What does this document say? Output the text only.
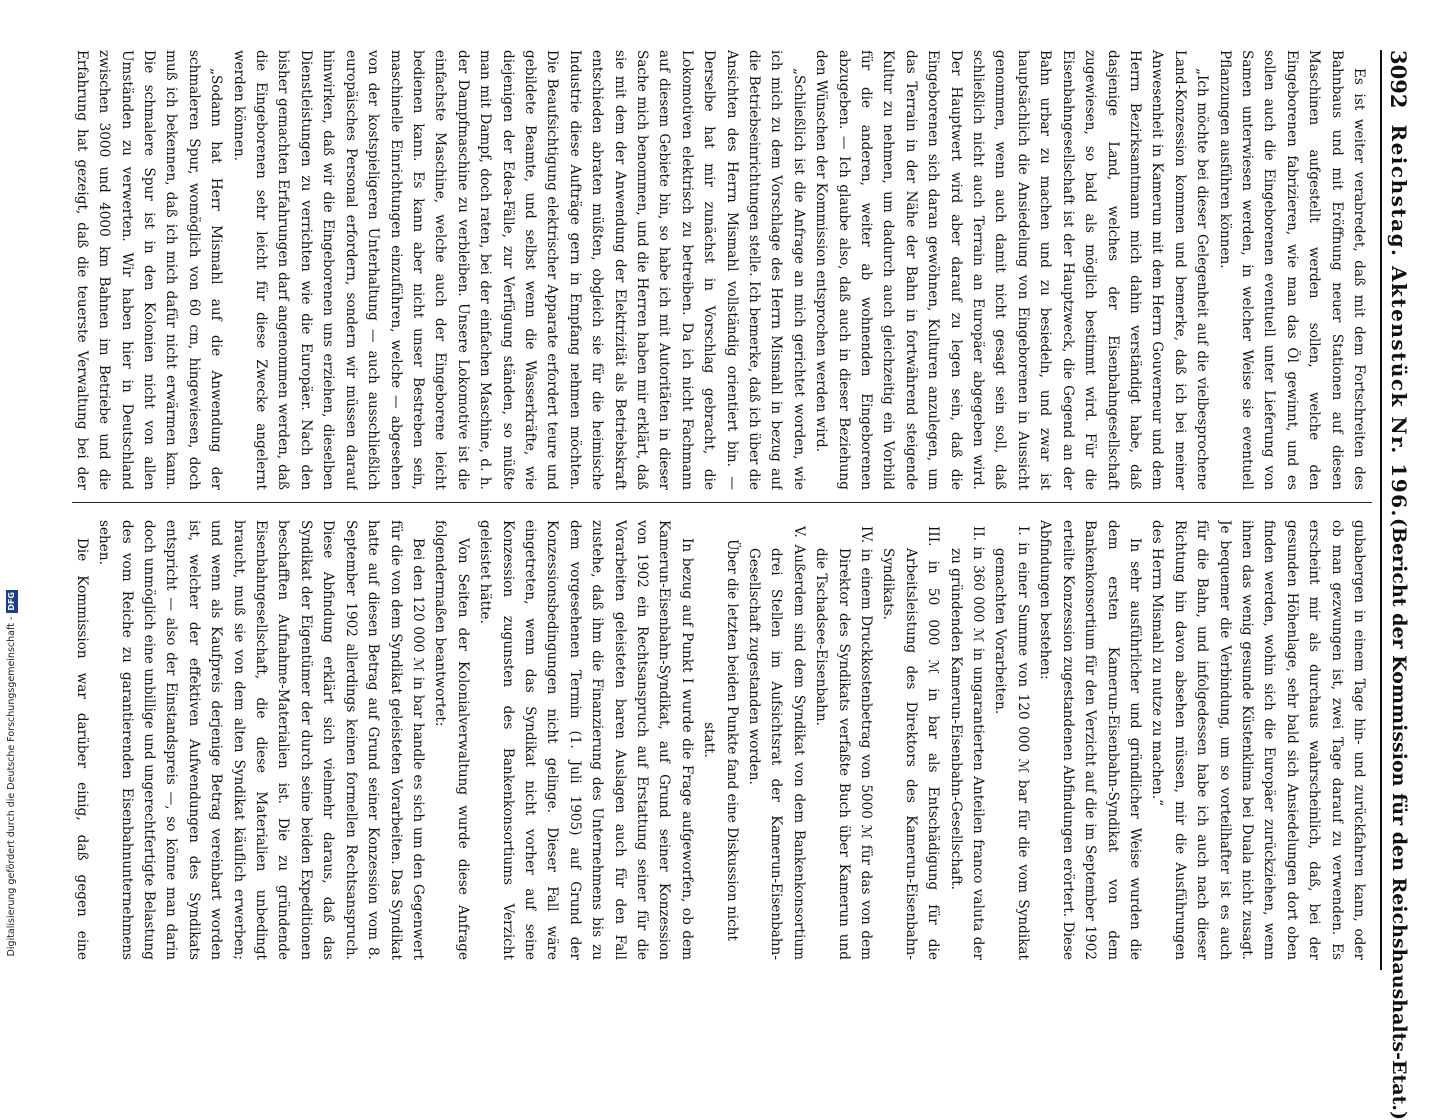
3092
Reichstag. Aktenstück Nr. 196.
(Bericht der Kommission für den Reichshaushalts-Etat.)

Es ist weiter verabredet, daß mit dem Fortschreiten des Bahnbaus und mit Eröffnung neuer Stationen auf diesen Maschinen aufgestellt werden sollen, welche den Eingeborenen fabrizieren, wie man das Öl gewinnt, und es sollen auch die Eingeborenen eventuell unter Lieferung von Samen unterwiesen werden, in welcher Weise sie eventuell Pflanzungen ausführen können.

„Ich möchte bei dieser Gelegenheit auf die vielbesprochene Land-Konzession kommen und bemerke, daß ich bei meiner Anwesenheit in Kamerun mit dem Herrn Gouverneur und dem Herrn Bezirksamtmann mich dahin verständigt habe, daß dasjenige Land, welches der Eisenbahngesellschaft zugewiesen, so bald als möglich bestimmt wird. Für die Eisenbahngesellschaft ist der Hauptzweck, die Gegend an der Bahn urbar zu machen und zu besiedeln, und zwar ist hauptsächlich die Ansiedelung von Eingeborenen in Aussicht genommen, wenn auch damit nicht gesagt sein soll, daß schließlich nicht auch Terrain an Europäer abgegeben wird. Der Hauptwert wird aber darauf zu legen sein, daß die Eingeborenen sich daran gewöhnen, Kulturen anzulegen, um das Terrain in der Nähe der Bahn in fortwährend steigende Kultur zu nehmen, um dadurch auch gleichzeitig ein Vorbild für die anderen, weiter ab wohnenden Eingeborenen abzugeben. — Ich glaube also, daß auch in dieser Beziehung den Wünschen der Kommission entsprochen werden wird.

„Schließlich ist die Anfrage an mich gerichtet worden, wie ich mich zu dem Vorschlage des Herrn Mismahl in bezug auf die Betriebseinrichtungen stelle. Ich bemerke, daß ich über die Ansichten des Herrn Mismahl vollständig orientiert bin. — Derselbe hat mir zunächst in Vorschlag gebracht, die Lokomotiven elektrisch zu betreiben. Da ich nicht Fachmann auf diesem Gebiete bin, so habe ich mit Autoritäten in dieser Sache mich benommen, und die Herren haben mir erklärt, daß sie mit dem der Anwendung der Elektrizität als Betriebskraft entschieden abraten müßten, obgleich sie für die heimische Industrie diese Aufträge gern in Empfang nehmen möchten. Die Beaufsichtigung elektrischer Apparate erfordert teure und gebildete Beamte, und selbst wenn die Wasserkräfte, wie diejenigen der Edea-Fälle, zur Verfügung ständen, so müßte man mit Dampf, doch raten, bei der einfachen Maschine, d. h. der Dampfmaschine zu verbleiben. Unsere Lokomotive ist die einfachste Maschine, welche auch der Eingeborene leicht bedienen kann. Es kann aber nicht unser Bestreben sein, maschinelle Einrichtungen einzuführen, welche — abgesehen von der kostspieligeren Unterhaltung — auch ausschließlich europäisches Personal erfordern, sondern wir müssen darauf hinwirken, daß wir die Eingeborenen uns erziehen, dieselben Dienstleistungen zu verrichten wie die Europäer. Nach den bisher gemachten Erfahrungen darf angenommen werden, daß die Eingeborenen sehr leicht für diese Zwecke angelernt werden können.

„Sodann hat Herr Mismahl auf die Anwendung der schmaleren Spur, womöglich von 60 cm, hingewiesen, doch muß ich bekennen, daß ich mich dafür nicht erwärmen kann. Die schmalere Spur ist in den Kolonien nicht von allen Umständen zu verwerten. Wir haben hier in Deutschland zwischen 3000 und 4000 km Bahnen im Betriebe und die Erfahrung hat gezeigt, daß die teuerste Verwaltung bei der

gubabergen in einem Tage hin- und zurückfahren kann, oder ob man gezwungen ist, zwei Tage darauf zu verwenden. Es erscheint mir als durchaus wahrscheinlich, daß, bei der gesunden Höhenlage, sehr bald sich Ansiedelungen dort oben finden werden, wohin sich die Europäer zurückziehen, wenn ihnen das wenig gesunde Küstenklima bei Duala nicht zusagt. Je bequemer die Verbindung, um so vorteilhafter ist es auch für die Bahn, und infolgedessen habe ich auch nach dieser Richtung hin davon absehen müssen, mir die Ausführungen des Herrn Mismahl zu nutze zu machen.“

In sehr ausführlicher und gründlicher Weise wurden die dem ersten Kamerun-Eisenbahn-Syndikat von dem Bankenkonsortium für den Verzicht auf die im September 1902 erteilte Konzession zugestandenen Abfindungen erörtert. Diese Abfindungen bestehen:

I. in einer Summe von 120 000 ℳ bar für die vom Syndikat gemachten Vorarbeiten.

II. in 360 000 ℳ in ungarantierten Anteilen franco valuta der zu gründenden Kamerun-Eisenbahn-Gesellschaft.

III. in 50 000 ℳ in bar als Entschädigung für die Arbeitsleistung des Direktors des Kamerun-Eisenbahn-Syndikats.

IV. in einem Druckkostenbetrag von 5000 ℳ für das von dem Direktor des Syndikats verfaßte Buch über Kamerun und die Tschadsee-Eisenbahn.

V. Außerdem sind dem Syndikat von dem Bankenkonsortium drei Stellen im Aufsichtsrat der Kamerun-Eisenbahn-Gesellschaft zugestanden worden.

Über die letzten beiden Punkte fand eine Diskussion nicht statt.

In bezug auf Punkt I wurde die Frage aufgeworfen, ob dem Kamerun-Eisenbahn-Syndikat, auf Grund seiner Konzession von 1902 ein Rechtsanspruch auf Erstattung seiner für die Vorarbeiten geleisteten baren Auslagen auch für den Fall zustehe, daß ihm die Finanzierung des Unternehmens bis zu dem vorgesehenen Termin (1. Juli 1905) auf Grund der Konzessionsbedingungen nicht gelinge. Dieser Fall wäre eingetreten, wenn das Syndikat nicht vorher auf seine Konzession zugunsten des Bankenkonsortiums Verzicht geleistet hätte.

Von Seiten der Kolonialverwaltung wurde diese Anfrage folgendermaßen beantwortet:

Bei den 120 000 ℳ in bar handle es sich um den Gegenwert für die von dem Syndikat geleisteten Vorarbeiten. Das Syndikat hatte auf diesen Betrag auf Grund seiner Konzession vom 8. September 1902 allerdings keinen formellen Rechtsanspruch. Diese Abfindung erklärt sich vielmehr daraus, daß das Syndikat der Eigentümer der durch seine beiden Expeditionen beschafften Aufnahme-Materialien ist. Die zu gründende Eisenbahngesellschaft, die diese Materialien unbedingt braucht, muß sie von dem alten Syndikat käuflich erwerben; und wenn als Kaufpreis derjenige Betrag vereinbart worden ist, welcher der effektiven Aufwendungen des Syndikats entspricht — also der Einstandspreis —, so könne man darin doch unmöglich eine unbillige und ungerechtfertigte Belastung des vom Reiche zu garantierenden Eisenbahnunternehmens sehen.

Die Kommission war darüber einig, daß gegen eine

Digitalisierung gefördert durch die Deutsche Forschungsgemeinschaft -
DFG
